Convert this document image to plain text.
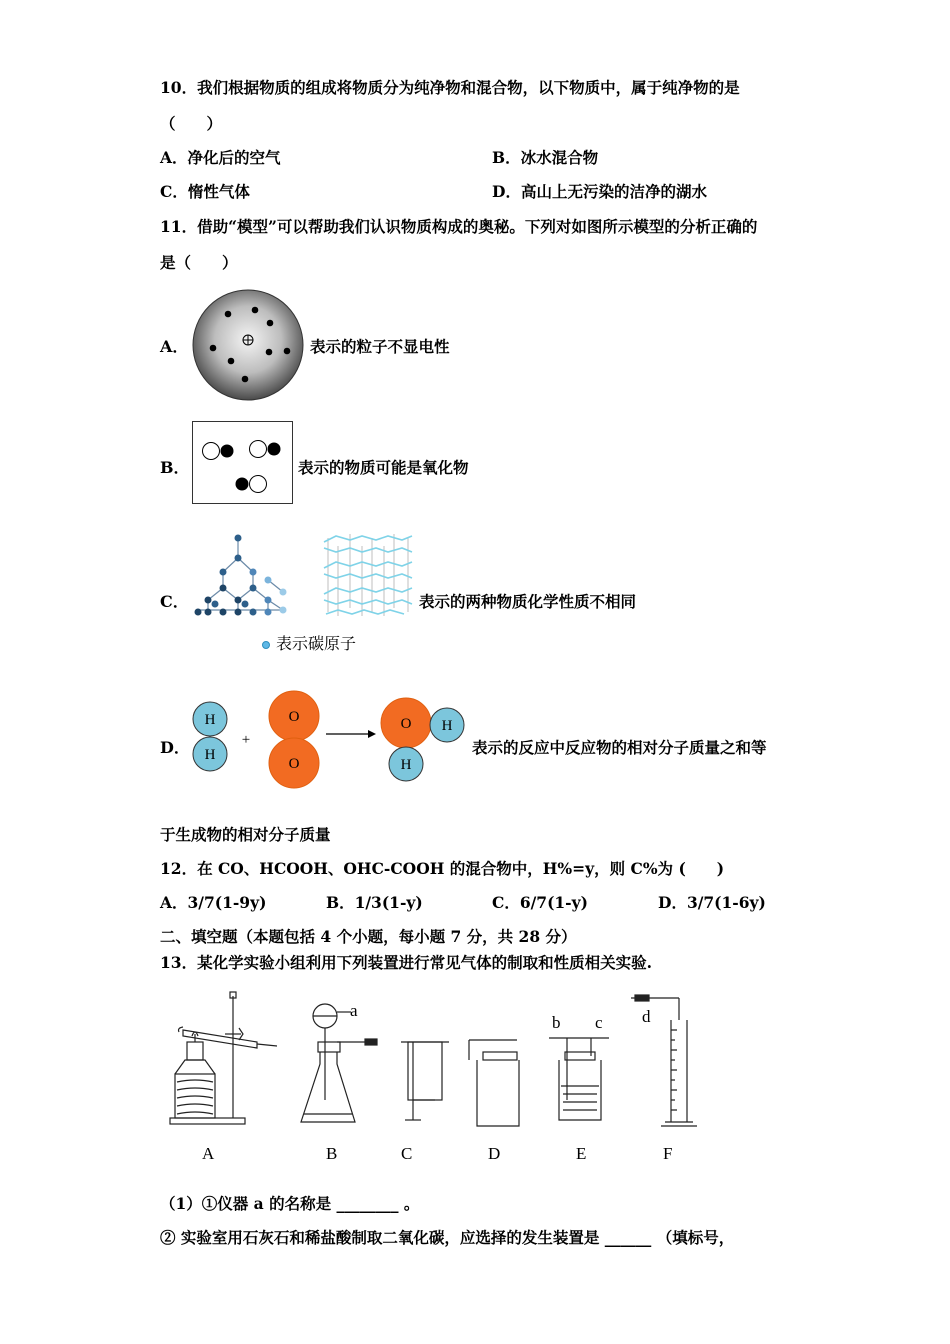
10．我们根据物质的组成将物质分为纯净物和混合物，以下物质中，属于纯净物的是
（　　）
A．净化后的空气	B．冰水混合物
C．惰性气体	D．高山上无污染的洁净的湖水
11．借助“模型”可以帮助我们认识物质构成的奥秘。下列对如图所示模型的分析正确的
是（　　）
A．	表示的粒子不显电性
B．	表示的物质可能是氧化物
C．	表示的两种物质化学性质不相同
表示碳原子
D．
H
H
+
O
O
O H
H
表示的反应中反应物的相对分子质量之和等
于生成物的相对分子质量
12．在 CO、HCOOH、OHC-COOH 的混合物中，H%=y，则 C%为 (　　)
A．3/7(1-9y)	B．1/3(1-y)	C．6/7(1-y)	D．3/7(1-6y)
二、填空题（本题包括 4 个小题，每小题 7 分，共 28 分）
13．某化学实验小组利用下列装置进行常见气体的制取和性质相关实验.
a
b c d
A	B	C	D	E	F
（1）①仪器 a 的名称是 ________ 。
② 实验室用石灰石和稀盐酸制取二氧化碳，应选择的发生装置是 ______ （填标号，
